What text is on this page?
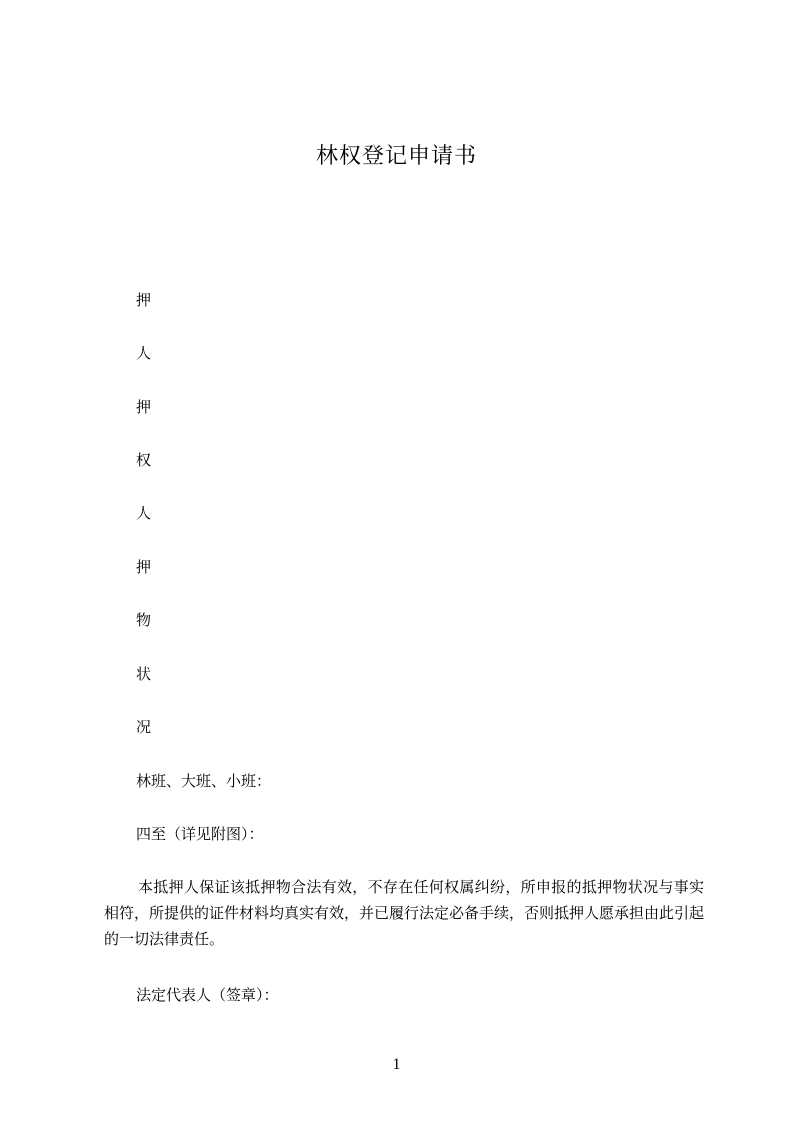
林权登记申请书
押
人
押
权
人
押
物
状
况
林班、大班、小班：
四至（详见附图）：
本抵押人保证该抵押物合法有效，不存在任何权属纠纷，所申报的抵押物状况与事实相符，所提供的证件材料均真实有效，并已履行法定必备手续，否则抵押人愿承担由此引起的一切法律责任。
法定代表人（签章）：
1
